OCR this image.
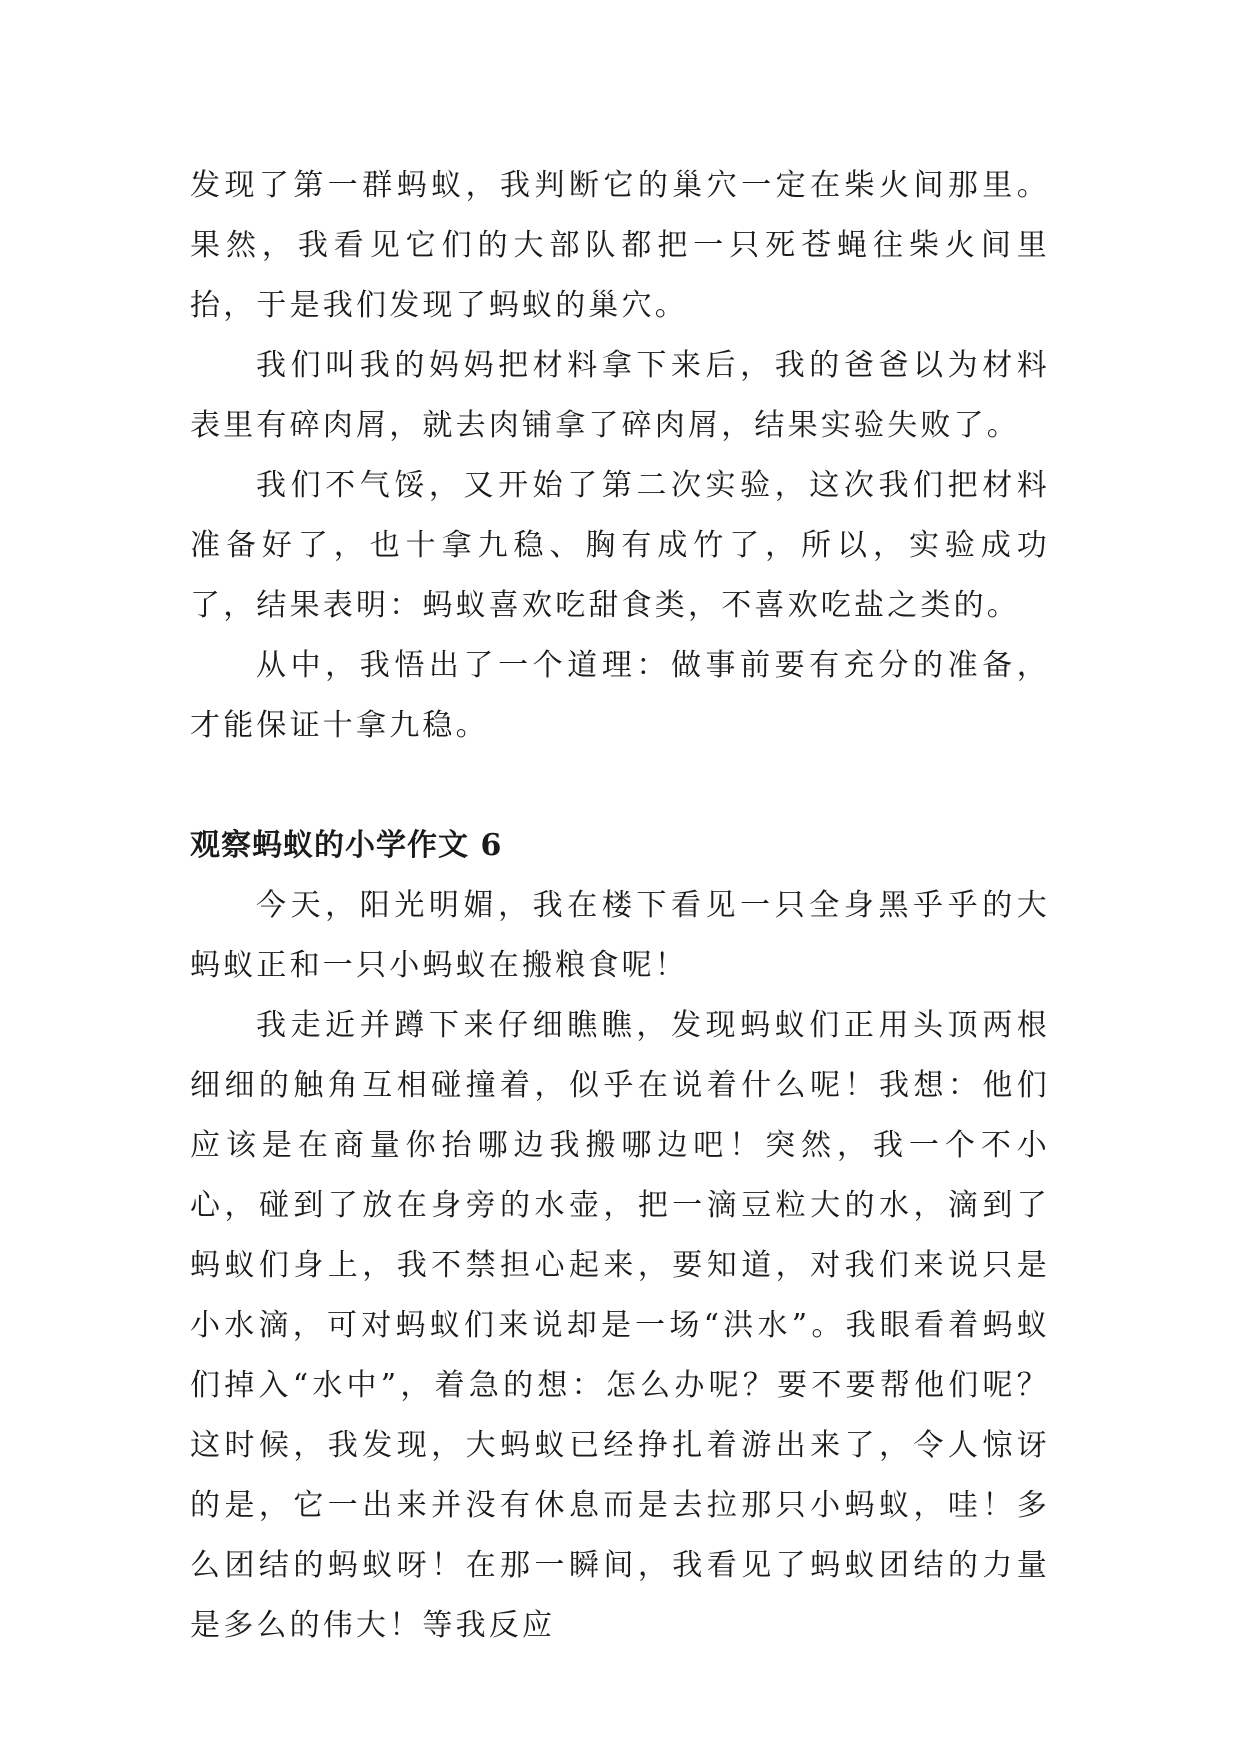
发现了第一群蚂蚁，我判断它的巢穴一定在柴火间那里。果然，我看见它们的大部队都把一只死苍蝇往柴火间里抬，于是我们发现了蚂蚁的巢穴。

我们叫我的妈妈把材料拿下来后，我的爸爸以为材料表里有碎肉屑，就去肉铺拿了碎肉屑，结果实验失败了。

我们不气馁，又开始了第二次实验，这次我们把材料准备好了，也十拿九稳、胸有成竹了，所以，实验成功了，结果表明：蚂蚁喜欢吃甜食类，不喜欢吃盐之类的。

从中，我悟出了一个道理：做事前要有充分的准备，才能保证十拿九稳。

观察蚂蚁的小学作文 6

今天，阳光明媚，我在楼下看见一只全身黑乎乎的大蚂蚁正和一只小蚂蚁在搬粮食呢！

我走近并蹲下来仔细瞧瞧，发现蚂蚁们正用头顶两根细细的触角互相碰撞着，似乎在说着什么呢！我想：他们应该是在商量你抬哪边我搬哪边吧！突然，我一个不小心，碰到了放在身旁的水壶，把一滴豆粒大的水，滴到了蚂蚁们身上，我不禁担心起来，要知道，对我们来说只是小水滴，可对蚂蚁们来说却是一场“洪水”。我眼看着蚂蚁们掉入“水中”，着急的想：怎么办呢？要不要帮他们呢？这时候，我发现，大蚂蚁已经挣扎着游出来了，令人惊讶的是，它一出来并没有休息而是去拉那只小蚂蚁，哇！多么团结的蚂蚁呀！在那一瞬间，我看见了蚂蚁团结的力量是多么的伟大！等我反应
